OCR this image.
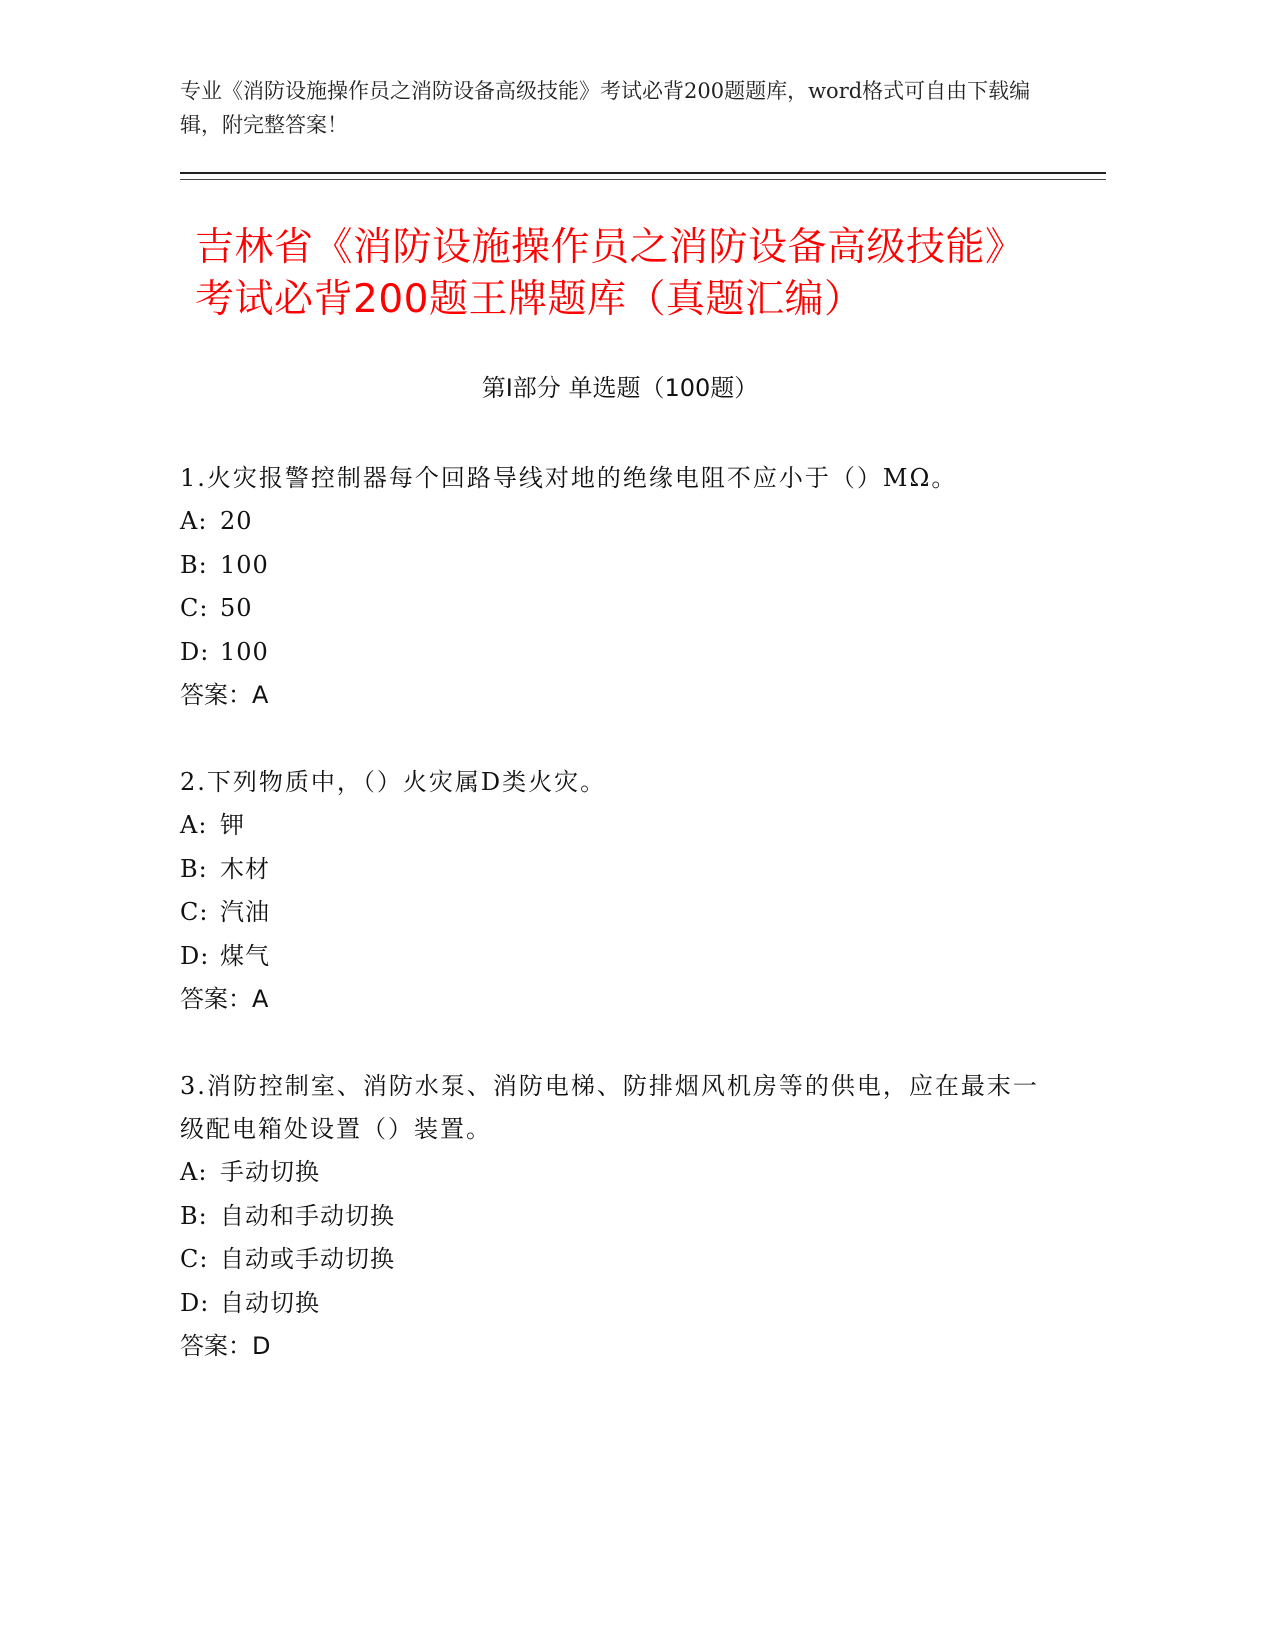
专业《消防设施操作员之消防设备高级技能》考试必背200题题库，word格式可自由下载编辑，附完整答案！
吉林省《消防设施操作员之消防设备高级技能》考试必背200题王牌题库（真题汇编）
第Ⅰ部分 单选题（100题）
1.火灾报警控制器每个回路导线对地的绝缘电阻不应小于（）MΩ。
A: 20
B: 100
C: 50
D: 100
答案：A
2.下列物质中，（）火灾属D类火灾。
A: 钾
B: 木材
C: 汽油
D: 煤气
答案：A
3.消防控制室、消防水泵、消防电梯、防排烟风机房等的供电，应在最末一级配电箱处设置（）装置。
A: 手动切换
B: 自动和手动切换
C: 自动或手动切换
D: 自动切换
答案：D
